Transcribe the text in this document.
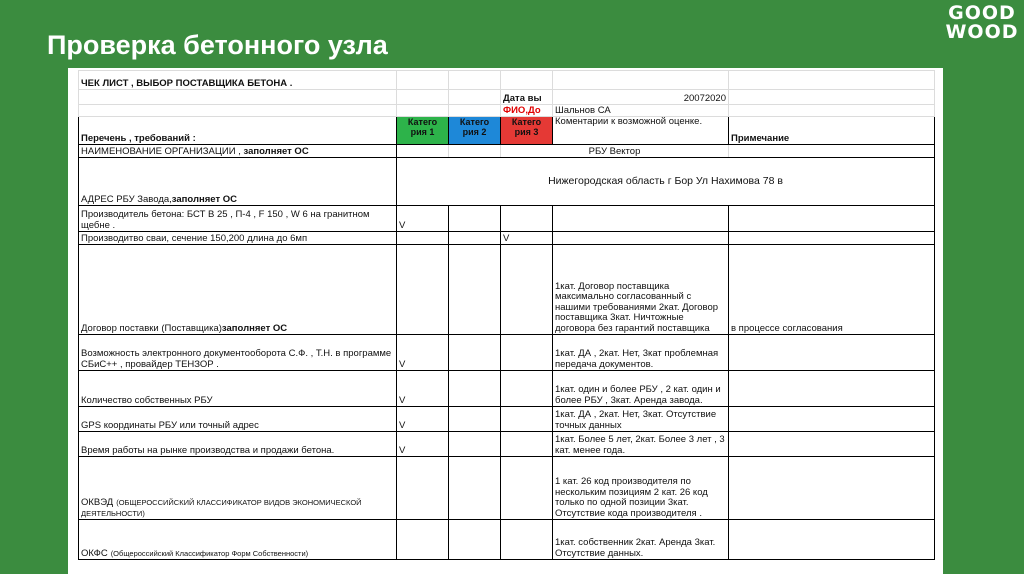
Проверка бетонного узла
GOOD
WOOD
ЧЕК ЛИСТ , ВЫБОР ПОСТАВЩИКА БЕТОНА .					
			Дата вы	20072020	
			ФИО,До	Шальнов СА	
Перечень , требований :	Катего рия 1	Катего рия 2	Катего рия 3	Коментарии к возможной оценке.	Примечание
НАИМЕНОВАНИЕ ОРГАНИЗАЦИИ , заполняет ОС			РБУ Вектор		
АДРЕС РБУ Завода,заполняет ОС	Нижегородская область г Бор Ул Нахимова 78 в				
Производитель бетона: БСТ В 25 , П-4 , F 150 , W 6 на гранитном щебне .	V				
Производитво сваи, сечение 150,200 длина до 6мп			V		
Договор поставки (Поставщика)заполняет ОС				1кат. Договор поставщика максимально согласованный с нашими требованиями 2кат. Договор поставщика 3кат. Ничтожные договора без гарантий поставщика	в процессе согласования
Возможность электронного документооборота С.Ф. , Т.Н. в программе СБиС++ , провайдер ТЕНЗОР .	V			1кат. ДА , 2кат. Нет, 3кат проблемная передача документов.	
Количество собственных РБУ	V			1кат. один и более РБУ , 2 кат. один и более РБУ , 3кат. Аренда завода.	
GPS координаты РБУ или точный адрес	V			1кат. ДА , 2кат. Нет, 3кат. Отсутствие точных данных	
Время работы на рынке производства и продажи бетона.	V			1кат. Более 5 лет, 2кат. Более 3 лет , 3 кат. менее года.	
ОКВЭД (ОБЩЕРОССИЙСКИЙ КЛАССИФИКАТОР ВИДОВ ЭКОНОМИЧЕСКОЙ ДЕЯТЕЛЬНОСТИ)				1 кат. 26 код производителя по нескольким позициям 2 кат. 26 код только по одной позиции 3кат. Отсутствие кода производителя .	
ОКФС (Общероссийский Классификатор Форм Собственности)				1кат. собственник 2кат. Аренда 3кат. Отсутствие данных.	
